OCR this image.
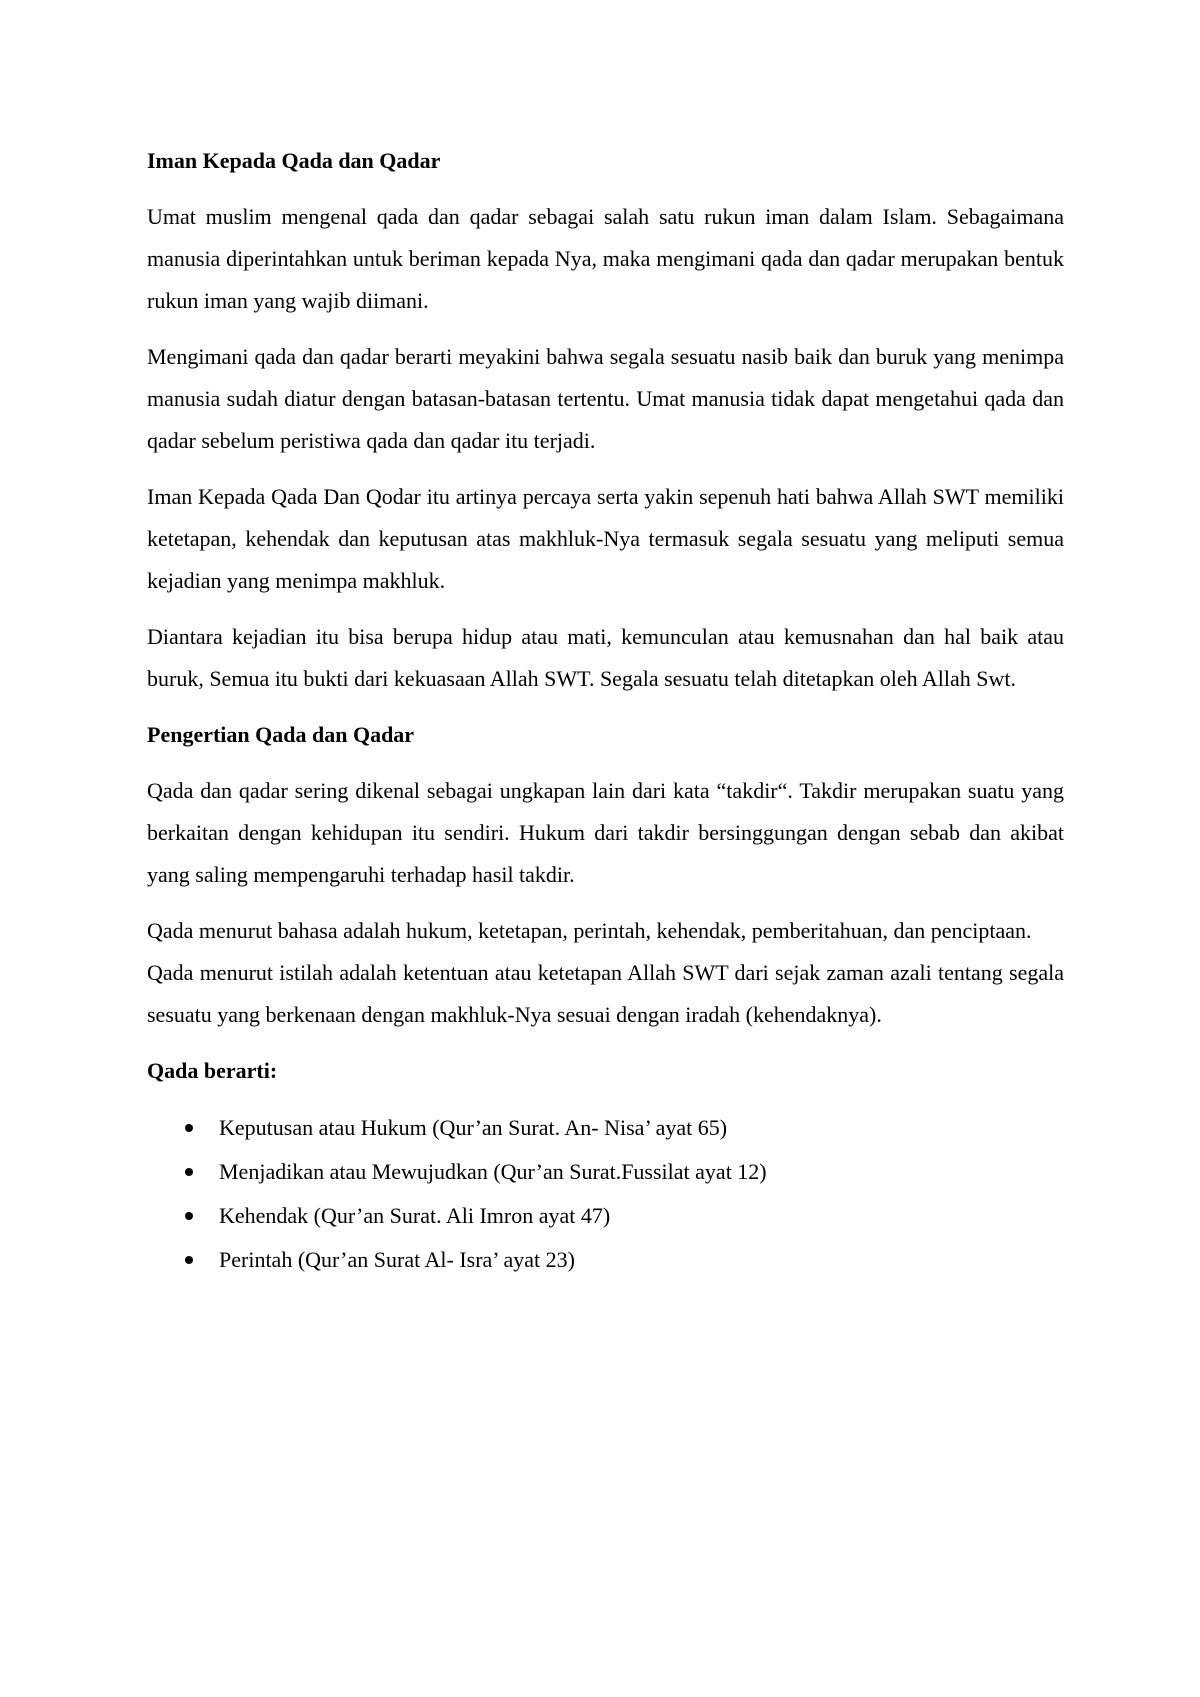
Iman Kepada Qada dan Qadar
Umat muslim mengenal qada dan qadar sebagai salah satu rukun iman dalam Islam. Sebagaimana manusia diperintahkan untuk beriman kepada Nya, maka mengimani qada dan qadar merupakan bentuk rukun iman yang wajib diimani.
Mengimani qada dan qadar berarti meyakini bahwa segala sesuatu nasib baik dan buruk yang menimpa manusia sudah diatur dengan batasan-batasan tertentu. Umat manusia tidak dapat mengetahui qada dan qadar sebelum peristiwa qada dan qadar itu terjadi.
Iman Kepada Qada Dan Qodar itu artinya percaya serta yakin sepenuh hati bahwa Allah SWT memiliki ketetapan, kehendak dan keputusan atas makhluk-Nya termasuk segala sesuatu yang meliputi semua kejadian yang menimpa makhluk.
Diantara kejadian itu bisa berupa hidup atau mati, kemunculan atau kemusnahan dan hal baik atau buruk, Semua itu bukti dari kekuasaan Allah SWT. Segala sesuatu telah ditetapkan oleh Allah Swt.
Pengertian Qada dan Qadar
Qada dan qadar sering dikenal sebagai ungkapan lain dari kata “takdir“. Takdir merupakan suatu yang berkaitan dengan kehidupan itu sendiri. Hukum dari takdir bersinggungan dengan sebab dan akibat yang saling mempengaruhi terhadap hasil takdir.
Qada menurut bahasa adalah hukum, ketetapan, perintah, kehendak, pemberitahuan, dan penciptaan.
Qada menurut istilah adalah ketentuan atau ketetapan Allah SWT dari sejak zaman azali tentang segala sesuatu yang berkenaan dengan makhluk-Nya sesuai dengan iradah (kehendaknya).
Qada berarti:
Keputusan atau Hukum (Qur’an Surat. An- Nisa’ ayat 65)
Menjadikan atau Mewujudkan (Qur’an Surat.Fussilat ayat 12)
Kehendak (Qur’an Surat. Ali Imron ayat 47)
Perintah (Qur’an Surat Al- Isra’ ayat 23)
